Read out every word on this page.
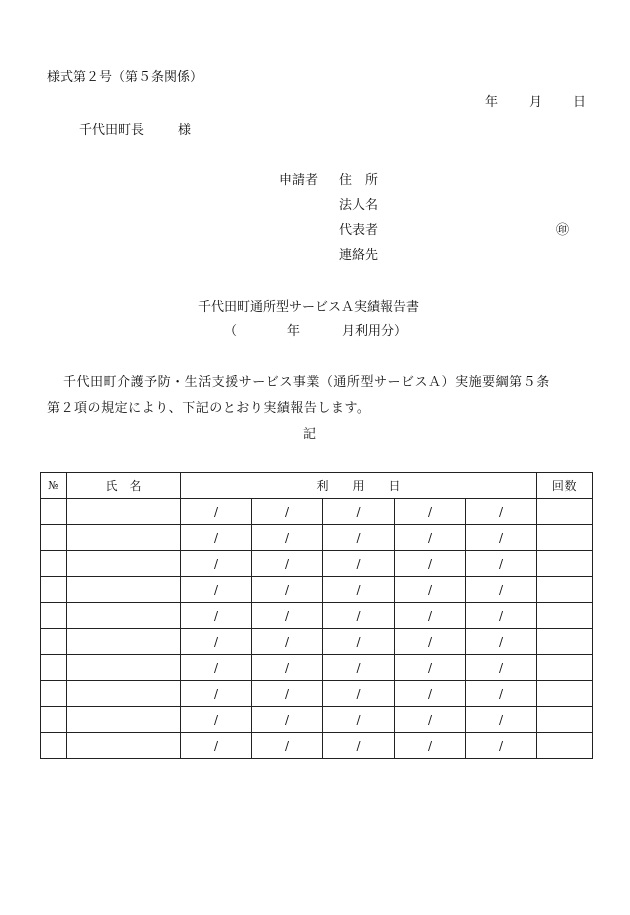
様式第２号（第５条関係）
年 月 日
千代田町長	様
申請者 住　所
法人名
代表者	㊞
連絡先
千代田町通所型サービスＡ実績報告書
（	年	月利用分）
千代田町介護予防・生活支援サービス事業（通所型サービスＡ）実施要綱第５条
第２項の規定により、下記のとおり実績報告します。
記
№	氏　名	利　　用　　日					回数
		/	/	/	/	/	
		/	/	/	/	/	
		/	/	/	/	/	
		/	/	/	/	/	
		/	/	/	/	/	
		/	/	/	/	/	
		/	/	/	/	/	
		/	/	/	/	/	
		/	/	/	/	/	
		/	/	/	/	/	
